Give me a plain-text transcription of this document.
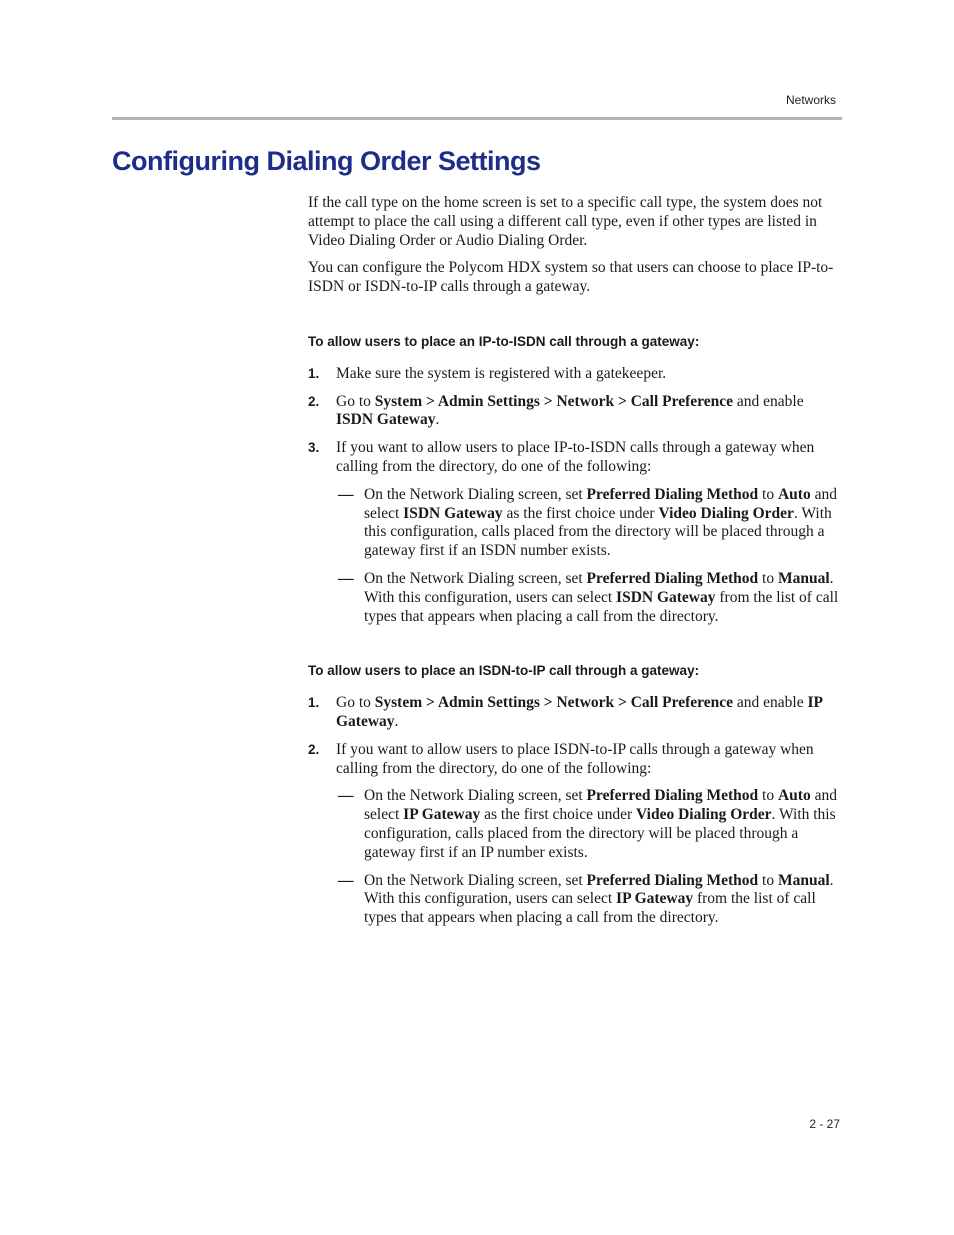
Networks
Configuring Dialing Order Settings

If the call type on the home screen is set to a specific call type, the system does not attempt to place the call using a different call type, even if other types are listed in Video Dialing Order or Audio Dialing Order.

You can configure the Polycom HDX system so that users can choose to place IP-to-ISDN or ISDN-to-IP calls through a gateway.

To allow users to place an IP-to-ISDN call through a gateway:
1. Make sure the system is registered with a gatekeeper.
2. Go to System > Admin Settings > Network > Call Preference and enable ISDN Gateway.
3. If you want to allow users to place IP-to-ISDN calls through a gateway when calling from the directory, do one of the following:
— On the Network Dialing screen, set Preferred Dialing Method to Auto and select ISDN Gateway as the first choice under Video Dialing Order. With this configuration, calls placed from the directory will be placed through a gateway first if an ISDN number exists.
— On the Network Dialing screen, set Preferred Dialing Method to Manual. With this configuration, users can select ISDN Gateway from the list of call types that appears when placing a call from the directory.
To allow users to place an ISDN-to-IP call through a gateway:
1. Go to System > Admin Settings > Network > Call Preference and enable IP Gateway.
2. If you want to allow users to place ISDN-to-IP calls through a gateway when calling from the directory, do one of the following:
— On the Network Dialing screen, set Preferred Dialing Method to Auto and select IP Gateway as the first choice under Video Dialing Order. With this configuration, calls placed from the directory will be placed through a gateway first if an IP number exists.
— On the Network Dialing screen, set Preferred Dialing Method to Manual. With this configuration, users can select IP Gateway from the list of call types that appears when placing a call from the directory.
2 - 27
